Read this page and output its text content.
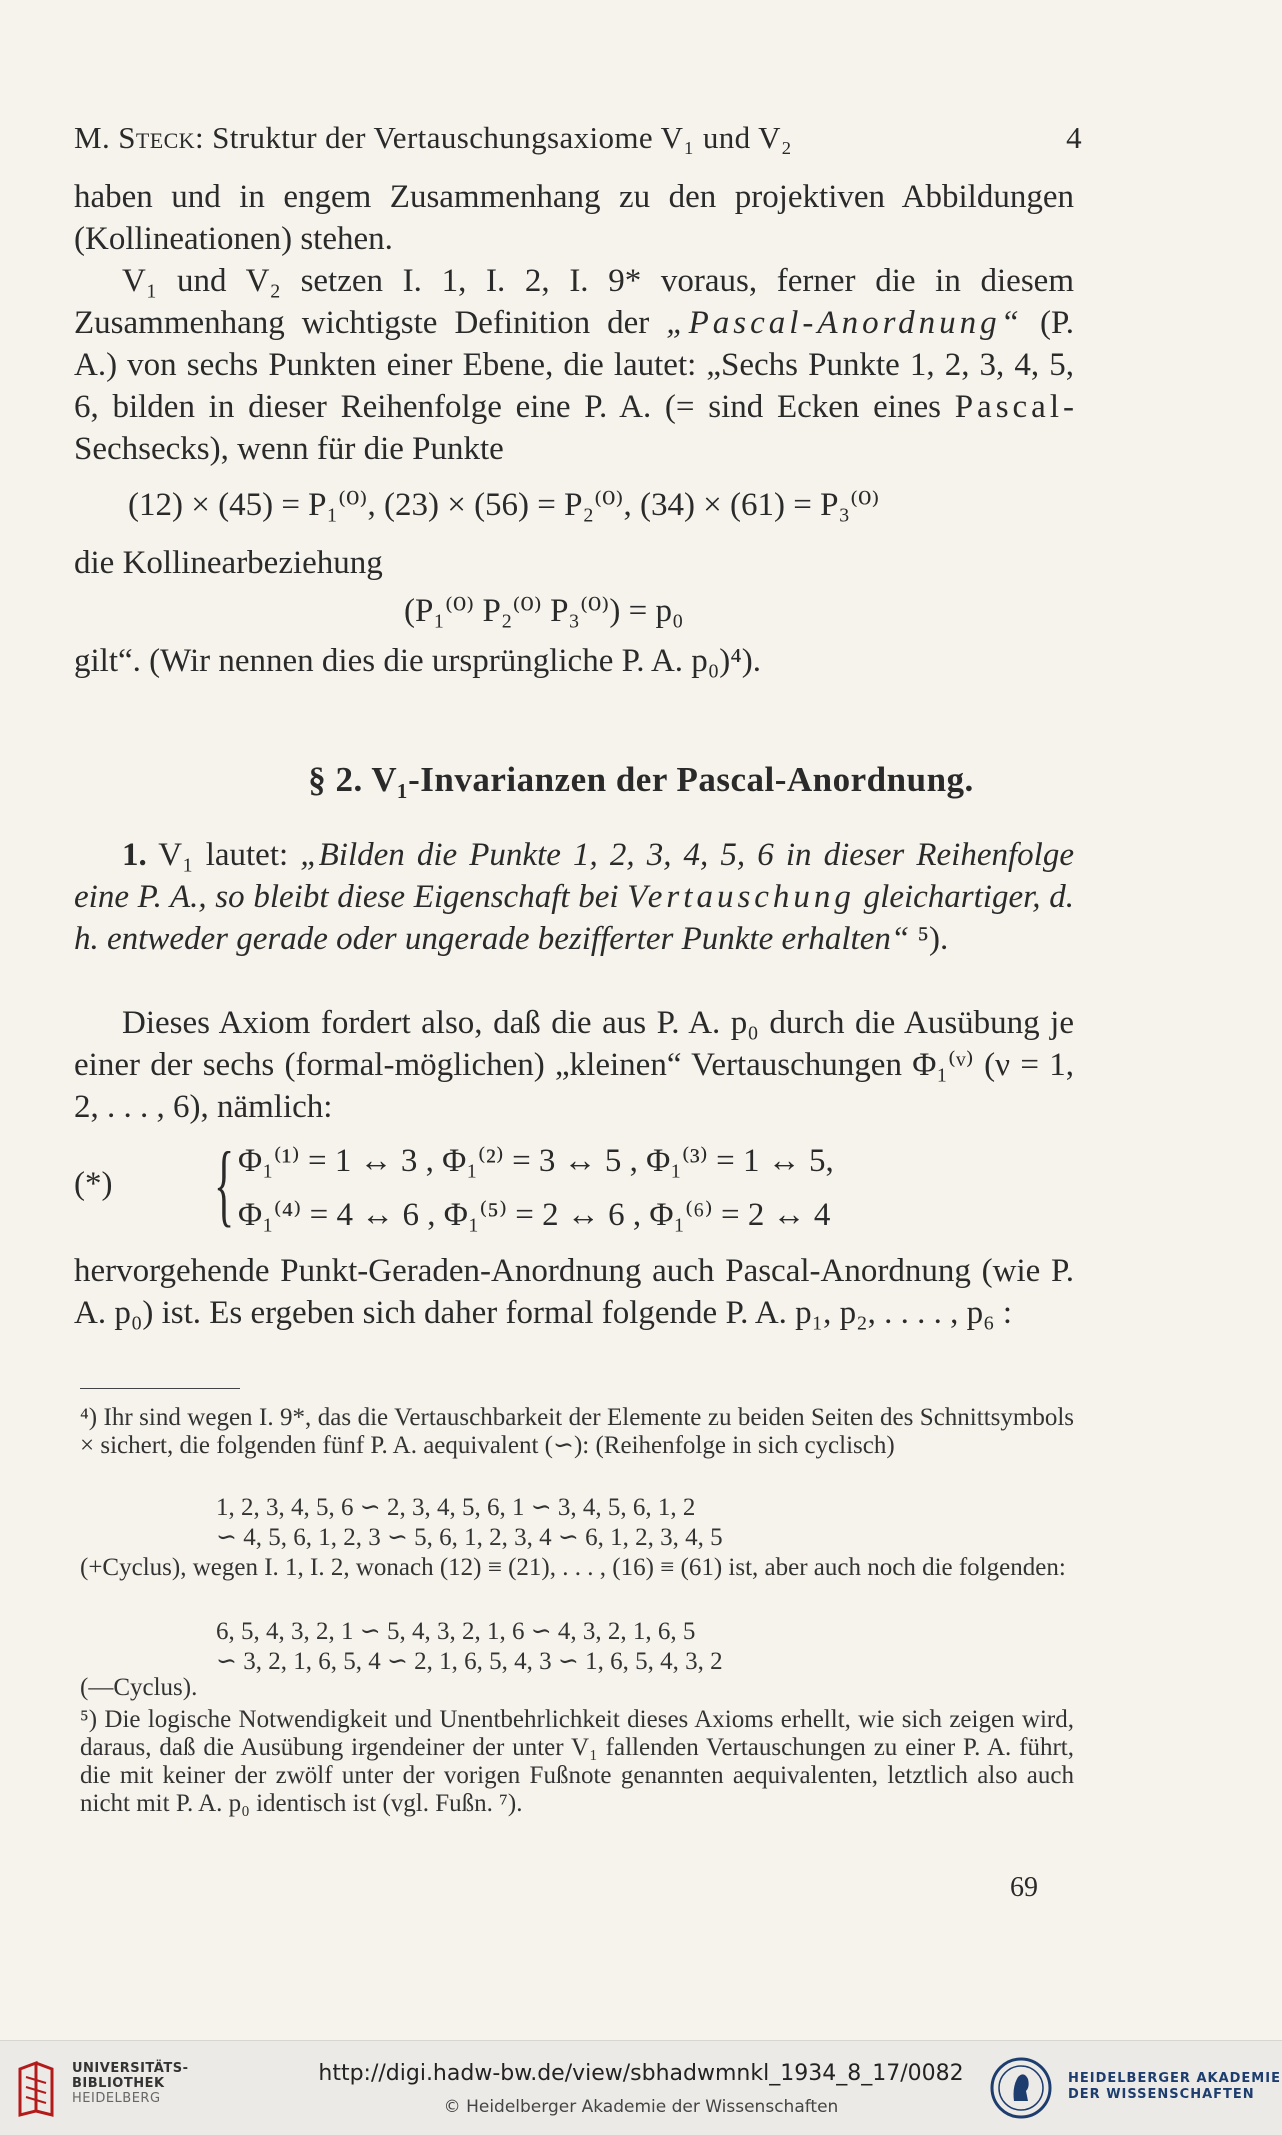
M. Steck: Struktur der Vertauschungsaxiome V₁ und V₂	4
haben und in engem Zusammenhang zu den projektiven Abbildungen (Kollineationen) stehen.
V₁ und V₂ setzen I. 1, I. 2, I. 9* voraus, ferner die in diesem Zusammenhang wichtigste Definition der „Pascal-Anordnung“ (P. A.) von sechs Punkten einer Ebene, die lautet: „Sechs Punkte 1, 2, 3, 4, 5, 6, bilden in dieser Reihenfolge eine P. A. (= sind Ecken eines Pascal-Sechsecks), wenn für die Punkte
(12) × (45) = P₁⁽⁰⁾, (23) × (56) = P₂⁽⁰⁾, (34) × (61) = P₃⁽⁰⁾
die Kollinearbeziehung
(P₁⁽⁰⁾ P₂⁽⁰⁾ P₃⁽⁰⁾) = p₀
gilt“. (Wir nennen dies die ursprüngliche P. A. p₀)⁴).
§ 2. V₁-Invarianzen der Pascal-Anordnung.
1. V₁ lautet: „Bilden die Punkte 1, 2, 3, 4, 5, 6 in dieser Reihenfolge eine P. A., so bleibt diese Eigenschaft bei Vertauschung gleichartiger, d. h. entweder gerade oder ungerade bezifferter Punkte erhalten“ ⁵).
Dieses Axiom fordert also, daß die aus P. A. p₀ durch die Ausübung je einer der sechs (formal-möglichen) „kleinen“ Vertauschungen Φ₁⁽ᵛ⁾ (ν = 1, 2, . . . , 6), nämlich:
(*) { Φ₁⁽¹⁾ = 1 ↔ 3 , Φ₁⁽²⁾ = 3 ↔ 5 , Φ₁⁽³⁾ = 1 ↔ 5,
Φ₁⁽⁴⁾ = 4 ↔ 6 , Φ₁⁽⁵⁾ = 2 ↔ 6 , Φ₁⁽⁶⁾ = 2 ↔ 4
hervorgehende Punkt-Geraden-Anordnung auch Pascal-Anordnung (wie P. A. p₀) ist. Es ergeben sich daher formal folgende P. A. p₁, p₂, . . . . , p₆ :
⁴) Ihr sind wegen I. 9*, das die Vertauschbarkeit der Elemente zu beiden Seiten des Schnittsymbols × sichert, die folgenden fünf P. A. aequivalent (∽): (Reihenfolge in sich cyclisch)
1, 2, 3, 4, 5, 6 ∽ 2, 3, 4, 5, 6, 1 ∽ 3, 4, 5, 6, 1, 2
∽ 4, 5, 6, 1, 2, 3 ∽ 5, 6, 1, 2, 3, 4 ∽ 6, 1, 2, 3, 4, 5
(+Cyclus), wegen I. 1, I. 2, wonach (12) ≡ (21), . . . , (16) ≡ (61) ist, aber auch noch die folgenden:
6, 5, 4, 3, 2, 1 ∽ 5, 4, 3, 2, 1, 6 ∽ 4, 3, 2, 1, 6, 5
∽ 3, 2, 1, 6, 5, 4 ∽ 2, 1, 6, 5, 4, 3 ∽ 1, 6, 5, 4, 3, 2
(—Cyclus).
⁵) Die logische Notwendigkeit und Unentbehrlichkeit dieses Axioms erhellt, wie sich zeigen wird, daraus, daß die Ausübung irgendeiner der unter V₁ fallenden Vertauschungen zu einer P. A. führt, die mit keiner der zwölf unter der vorigen Fußnote genannten aequivalenten, letztlich also auch nicht mit P. A. p₀ identisch ist (vgl. Fußn. ⁷).
69
UNIVERSITÄTS-
BIBLIOTHEK
HEIDELBERG
http://digi.hadw-bw.de/view/sbhadwmnkl_1934_8_17/0082
© Heidelberger Akademie der Wissenschaften
HEIDELBERGER AKADEMIE
DER WISSENSCHAFTEN
